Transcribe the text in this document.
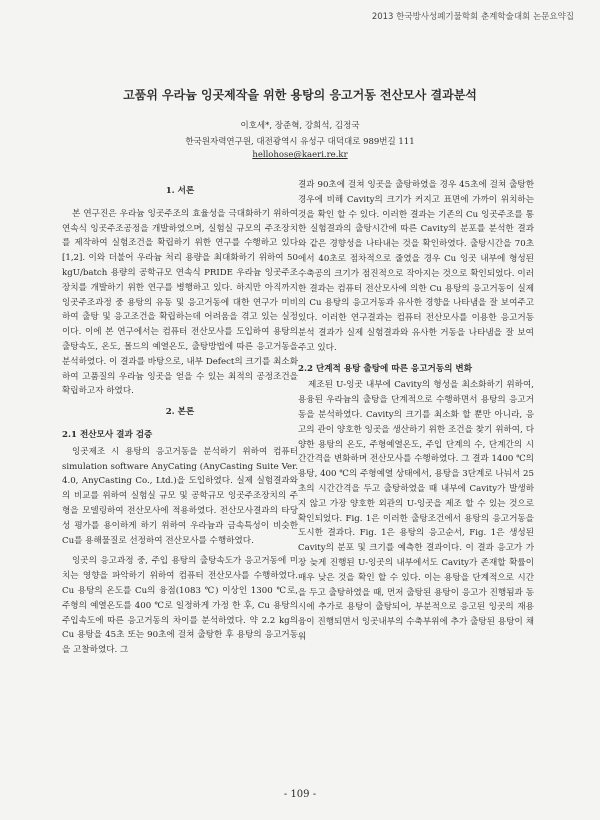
2013 한국방사성폐기물학회 춘계학술대회 논문요약집
고품위 우라늄 잉곳제작을 위한 용탕의 응고거동 전산모사 결과분석
이호세*, 장준혁, 강희석, 김정국
한국원자력연구원, 대전광역시 유성구 대덕대로 989번길 111
hellohose@kaeri.re.kr
1. 서론

본 연구진은 우라늄 잉곳주조의 효율성을 극대화하기 위하여 연속식 잉곳주조공정을 개발하였으며, 실험실 규모의 주조장치를 제작하여 실험조건을 확립하기 위한 연구를 수행하고 있다 [1,2]. 이와 더불어 우라늄 처리 용량을 최대화하기 위하여 50 kgU/batch 용량의 공학규모 연속식 PRIDE 우라늄 잉곳주조장치를 개발하기 위한 연구를 병행하고 있다. 하지만 아직까지 잉곳주조과정 중 용탕의 유동 및 응고거동에 대한 연구가 미비하여 출탕 및 응고조건을 확립하는데 어려움을 겪고 있는 실정이다. 이에 본 연구에서는 컴퓨터 전산모사를 도입하여 용탕의 출탕속도, 온도, 몰드의 예열온도, 출탕방법에 따른 응고거동을 분석하였다. 이 결과를 바탕으로, 내부 Defect의 크기를 최소화하여 고품질의 우라늄 잉곳을 얻을 수 있는 최적의 공정조건을 확립하고자 하였다.

2. 본론
2.1 전산모사 결과 검증

잉곳제조 시 용탕의 응고거동을 분석하기 위하여 컴퓨터 simulation software AnyCating (AnyCasting Suite Ver. 4.0, AnyCasting Co., Ltd.)을 도입하였다. 실제 실험결과와의 비교를 위하여 실험실 규모 및 공학규모 잉곳주조장치의 주형을 모델링하여 전산모사에 적용하였다. 전산모사결과의 타당성 평가를 용이하게 하기 위하여 우라늄과 금속특성이 비슷한 Cu를 용해물질로 선정하여 전산모사를 수행하였다.

잉곳의 응고과정 중, 주입 용탕의 출탕속도가 응고거동에 미치는 영향을 파악하기 위하여 컴퓨터 전산모사를 수행하였다. Cu 용탕의 온도를 Cu의 융점(1083 ℃) 이상인 1300 ℃로, 주형의 예열온도를 400 ℃로 일정하게 가정 한 후, Cu 용탕의 주입속도에 따른 응고거동의 차이를 분석하였다. 약 2.2 kg의 Cu 용탕을 45초 또는 90초에 걸쳐 출탕한 후 용탕의 응고거동을 고찰하였다. 그

결과 90초에 걸쳐 잉곳을 출탕하였을 경우 45초에 걸쳐 출탕한 경우에 비해 Cavity의 크기가 커지고 표면에 가까이 위치하는 것을 확인 할 수 있다. 이러한 결과는 기존의 Cu 잉곳주조를 통한 실험결과의 출탕시간에 따른 Cavity의 분포를 분석한 결과와 같은 경향성을 나타내는 것을 확인하였다. 출탕시간을 70초에서 40초로 점차적으로 줄였을 경우 Cu 잉곳 내부에 형성된 수축공의 크기가 점진적으로 작아지는 것으로 확인되었다. 이러한 결과는 컴퓨터 전산모사에 의한 Cu 용탕의 응고거동이 실제의 Cu 용탕의 응고거동과 유사한 경향을 나타냄을 잘 보여주고 있다. 이러한 연구결과는 컴퓨터 전산모사를 이용한 응고거동 분석 결과가 실제 실험결과와 유사한 거동을 나타냄을 잘 보여주고 있다.

2.2 단계적 용탕 출탕에 따른 응고거동의 변화

제조된 U-잉곳 내부에 Cavity의 형성을 최소화하기 위하여, 용융된 우라늄의 출탕을 단계적으로 수행하면서 용탕의 응고거동을 분석하였다. Cavity의 크기를 최소화 할 뿐만 아니라, 응고의 관이 양호한 잉곳을 생산하기 위한 조건을 찾기 위하여, 다양한 용탕의 온도, 주형예열온도, 주입 단계의 수, 단계간의 시간간격을 변화하며 전산모사를 수행하였다. 그 결과 1400 ℃의 용탕, 400 ℃의 주형예열 상태에서, 용탕을 3단계로 나눠서 25초의 시간간격을 두고 출탕하였을 때 내부에 Cavity가 발생하지 않고 가장 양호한 외관의 U-잉곳을 제조 할 수 있는 것으로 확인되었다. Fig. 1은 이러한 출탕조건에서 용탕의 응고거동을 도시한 결과다. Fig. 1은 용탕의 응고순서, Fig. 1은 생성된 Cavity의 분포 및 크기를 예측한 결과이다. 이 결과 응고가 가장 늦게 진행된 U-잉곳의 내부에서도 Cavity가 존재할 확률이 매우 낮은 것을 확인 할 수 있다. 이는 용탕을 단계적으로 시간을 두고 출탕하였을 때, 먼저 출탕된 용탕이 응고가 진행됨과 동시에 추가로 용탕이 출탕되어, 부분적으로 응고된 잉곳의 재용융이 진행되면서 잉곳내부의 수축부위에 추가 출탕된 용탕이 채워

- 109 -
